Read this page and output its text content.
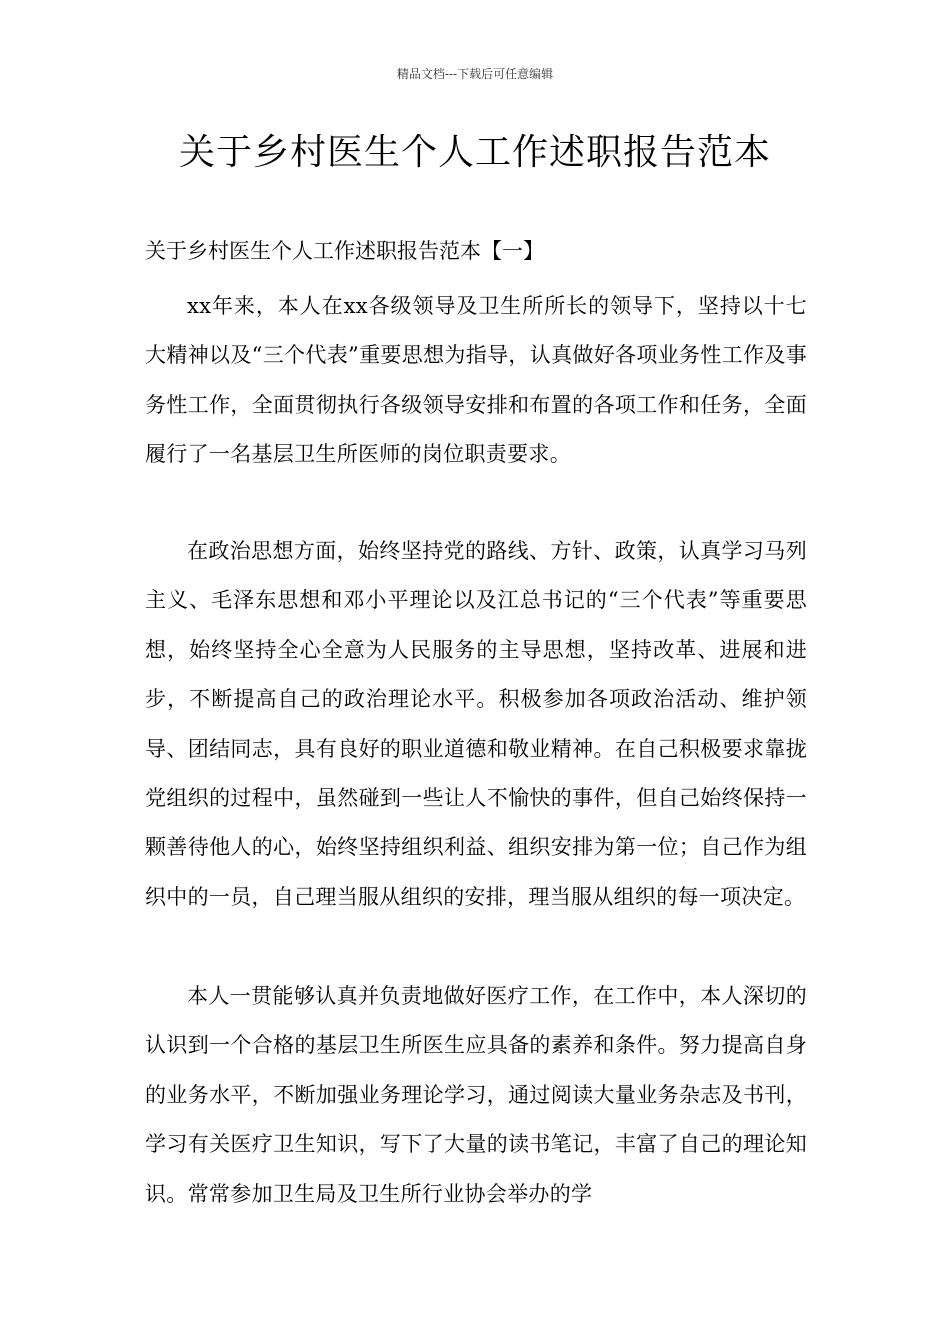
精品文档---下载后可任意编辑
关于乡村医生个人工作述职报告范本

关于乡村医生个人工作述职报告范本【一】

xx年来，本人在xx各级领导及卫生所所长的领导下，坚持以十七大精神以及“三个代表”重要思想为指导，认真做好各项业务性工作及事务性工作，全面贯彻执行各级领导安排和布置的各项工作和任务，全面履行了一名基层卫生所医师的岗位职责要求。

在政治思想方面，始终坚持党的路线、方针、政策，认真学习马列主义、毛泽东思想和邓小平理论以及江总书记的“三个代表”等重要思想，始终坚持全心全意为人民服务的主导思想，坚持改革、进展和进步，不断提高自己的政治理论水平。积极参加各项政治活动、维护领导、团结同志，具有良好的职业道德和敬业精神。在自己积极要求靠拢党组织的过程中，虽然碰到一些让人不愉快的事件，但自己始终保持一颗善待他人的心，始终坚持组织利益、组织安排为第一位；自己作为组织中的一员，自己理当服从组织的安排，理当服从组织的每一项决定。

本人一贯能够认真并负责地做好医疗工作，在工作中，本人深切的认识到一个合格的基层卫生所医生应具备的素养和条件。努力提高自身的业务水平，不断加强业务理论学习，通过阅读大量业务杂志及书刊，学习有关医疗卫生知识，写下了大量的读书笔记，丰富了自己的理论知识。常常参加卫生局及卫生所行业协会举办的学
